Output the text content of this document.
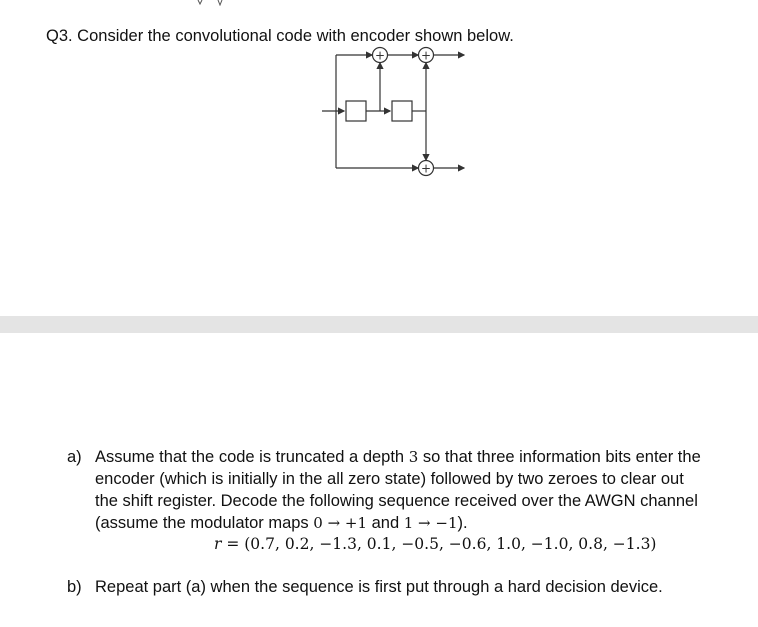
Q3. Consider the convolutional code with encoder shown below.
+	+
+
a) Assume that the code is truncated a depth 3 so that three information bits enter the
encoder (which is initially in the all zero state) followed by two zeroes to clear out
the shift register. Decode the following sequence received over the AWGN channel
(assume the modulator maps 0 → +1 and 1 → −1).
r = (0.7, 0.2, −1.3, 0.1, −0.5, −0.6, 1.0, −1.0, 0.8, −1.3)
b) Repeat part (a) when the sequence is first put through a hard decision device.
